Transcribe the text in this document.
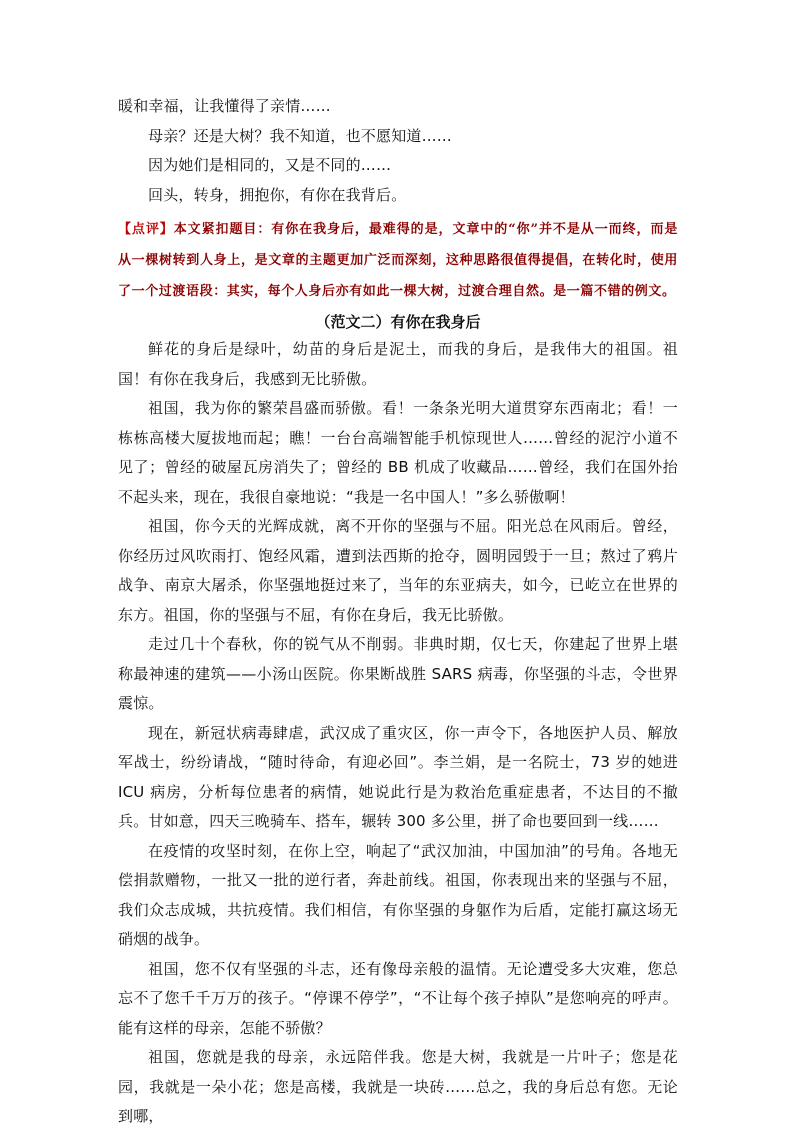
暖和幸福，让我懂得了亲情……

母亲？还是大树？我不知道，也不愿知道……

因为她们是相同的，又是不同的……

回头，转身，拥抱你，有你在我背后。

【点评】本文紧扣题目：有你在我身后，最难得的是，文章中的“你”并不是从一而终，而是从一棵树转到人身上，是文章的主题更加广泛而深刻，这种思路很值得提倡，在转化时，使用了一个过渡语段：其实，每个人身后亦有如此一棵大树，过渡合理自然。是一篇不错的例文。

（范文二）有你在我身后

鲜花的身后是绿叶，幼苗的身后是泥土，而我的身后，是我伟大的祖国。祖国！有你在我身后，我感到无比骄傲。

祖国，我为你的繁荣昌盛而骄傲。看！一条条光明大道贯穿东西南北；看！一栋栋高楼大厦拔地而起；瞧！一台台高端智能手机惊现世人……曾经的泥泞小道不见了；曾经的破屋瓦房消失了；曾经的 BB 机成了收藏品……曾经，我们在国外抬不起头来，现在，我很自豪地说：“我是一名中国人！”多么骄傲啊！

祖国，你今天的光辉成就，离不开你的坚强与不屈。阳光总在风雨后。曾经，你经历过风吹雨打、饱经风霜，遭到法西斯的抢夺，圆明园毁于一旦；熬过了鸦片战争、南京大屠杀，你坚强地挺过来了，当年的东亚病夫，如今，已屹立在世界的东方。祖国，你的坚强与不屈，有你在身后，我无比骄傲。

走过几十个春秋，你的锐气从不削弱。非典时期，仅七天，你建起了世界上堪称最神速的建筑——小汤山医院。你果断战胜 SARS 病毒，你坚强的斗志，令世界震惊。

现在，新冠状病毒肆虐，武汉成了重灾区，你一声令下，各地医护人员、解放军战士，纷纷请战，“随时待命，有迎必回”。李兰娟，是一名院士，73 岁的她进 ICU 病房，分析每位患者的病情，她说此行是为救治危重症患者，不达目的不撤兵。甘如意，四天三晚骑车、搭车，辗转 300 多公里，拼了命也要回到一线……

在疫情的攻坚时刻，在你上空，响起了“武汉加油，中国加油”的号角。各地无偿捐款赠物，一批又一批的逆行者，奔赴前线。祖国，你表现出来的坚强与不屈，我们众志成城，共抗疫情。我们相信，有你坚强的身躯作为后盾，定能打赢这场无硝烟的战争。

祖国，您不仅有坚强的斗志，还有像母亲般的温情。无论遭受多大灾难，您总忘不了您千千万万的孩子。“停课不停学”，“不让每个孩子掉队”是您响亮的呼声。能有这样的母亲，怎能不骄傲？

祖国，您就是我的母亲，永远陪伴我。您是大树，我就是一片叶子；您是花园，我就是一朵小花；您是高楼，我就是一块砖……总之，我的身后总有您。无论到哪，
